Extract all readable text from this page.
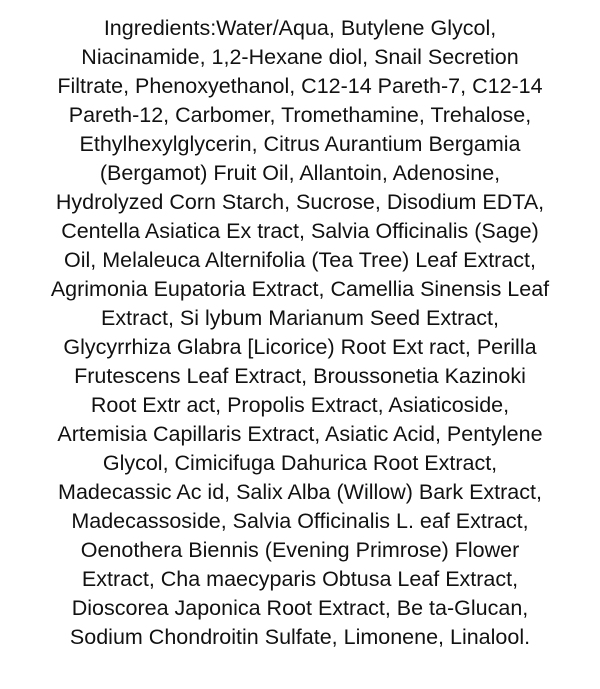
Ingredients:Water/Aqua, Butylene Glycol,
Niacinamide, 1,2-Hexane diol, Snail Secretion
Filtrate, Phenoxyethanol, C12-14 Pareth-7, C12-14
Pareth-12, Carbomer, Tromethamine, Trehalose,
Ethylhexylglycerin, Citrus Aurantium Bergamia
(Bergamot) Fruit Oil, Allantoin, Adenosine,
Hydrolyzed Corn Starch, Sucrose, Disodium EDTA,
Centella Asiatica Ex tract, Salvia Officinalis (Sage)
Oil, Melaleuca Alternifolia (Tea Tree) Leaf Extract,
Agrimonia Eupatoria Extract, Camellia Sinensis Leaf
Extract, Si lybum Marianum Seed Extract,
Glycyrrhiza Glabra [Licorice) Root Ext ract, Perilla
Frutescens Leaf Extract, Broussonetia Kazinoki
Root Extr act, Propolis Extract, Asiaticoside,
Artemisia Capillaris Extract, Asiatic Acid, Pentylene
Glycol, Cimicifuga Dahurica Root Extract,
Madecassic Ac id, Salix Alba (Willow) Bark Extract,
Madecassoside, Salvia Officinalis L. eaf Extract,
Oenothera Biennis (Evening Primrose) Flower
Extract, Cha maecyparis Obtusa Leaf Extract,
Dioscorea Japonica Root Extract, Be ta-Glucan,
Sodium Chondroitin Sulfate, Limonene, Linalool.
